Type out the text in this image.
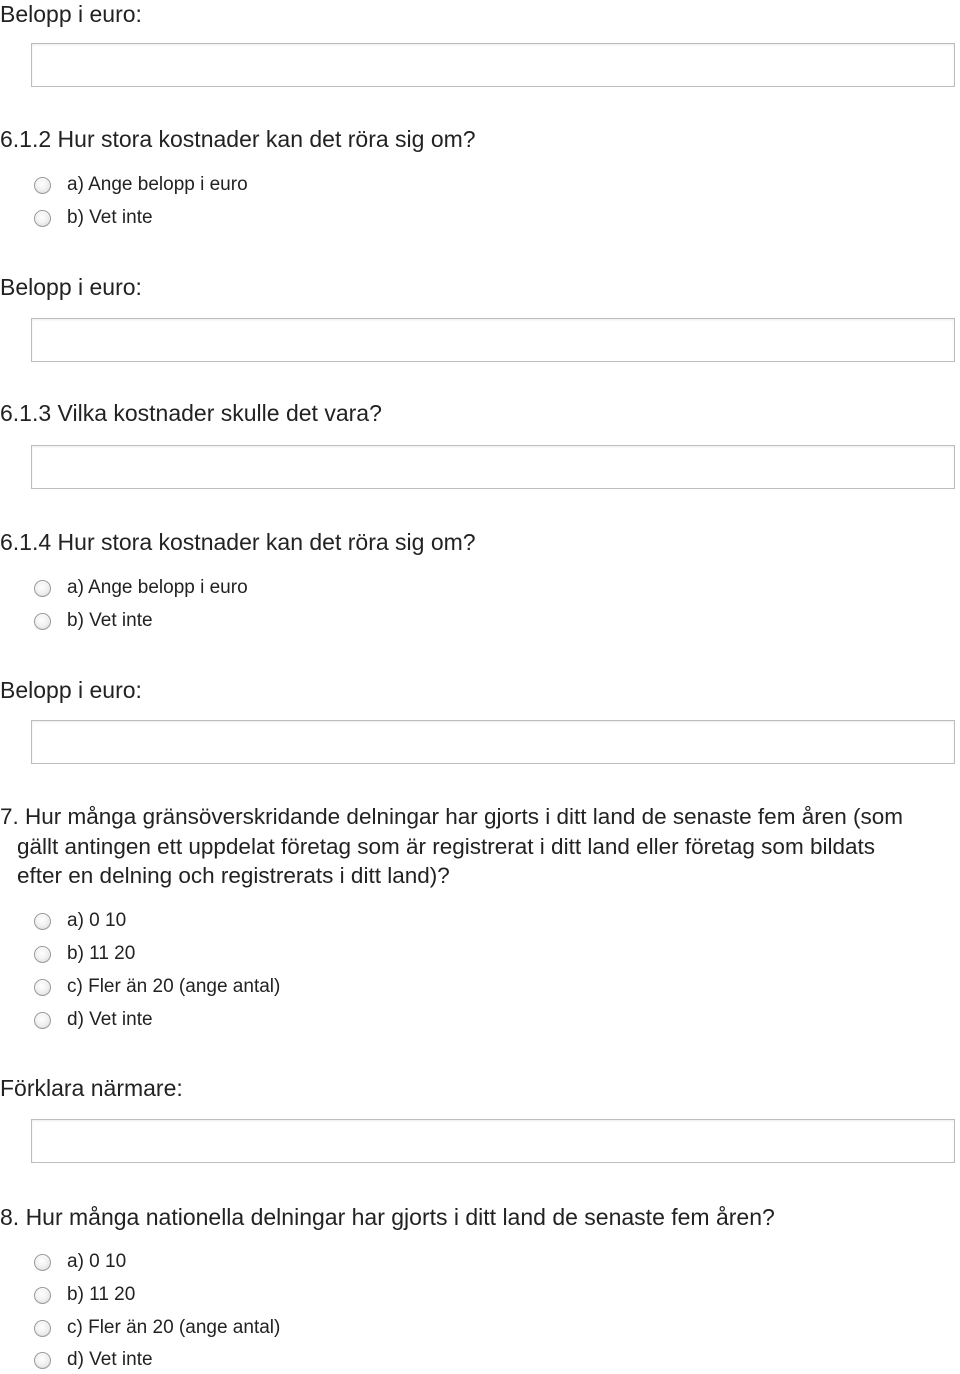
Belopp i euro:
6.1.2 Hur stora kostnader kan det röra sig om?
a) Ange belopp i euro
b) Vet inte
Belopp i euro:
6.1.3 Vilka kostnader skulle det vara?
6.1.4 Hur stora kostnader kan det röra sig om?
a) Ange belopp i euro
b) Vet inte
Belopp i euro:
7. Hur många gränsöverskridande delningar har gjorts i ditt land de senaste fem åren (som
gällt antingen ett uppdelat företag som är registrerat i ditt land eller företag som bildats
efter en delning och registrerats i ditt land)?
a) 0 10
b) 11 20
c) Fler än 20 (ange antal)
d) Vet inte
Förklara närmare:
8. Hur många nationella delningar har gjorts i ditt land de senaste fem åren?
a) 0 10
b) 11 20
c) Fler än 20 (ange antal)
d) Vet inte
